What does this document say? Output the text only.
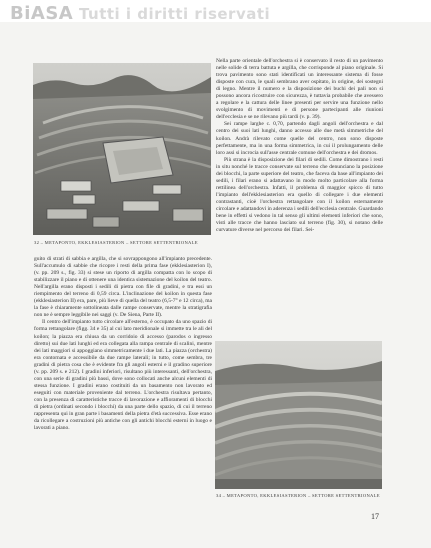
BiASA Tutti i diritti riservati
32 – METAPONTO, EKKLESIASTERION – SETTORE SETTENTRIONALE

guito di strati di sabbia e argilla, che si sovrappongono all'impianto precedente. Sull'accumulo di sabbie che ricopre i resti della prima fase (ekklesiasterion I), (v. pp. 209 s., fig. 33) si stese un riporto di argilla compatta con lo scopo di stabilizzare il piano e di ottenere una identica sistemazione del koilon del teatro. Nell'argilla erano disposti i sedili di pietra con file di gradini, e tra essi un riempimento del terreno di 0,59 circa. L'inclinazione del koilon in questa fase (ekklesiasterion II) era, pare, più lieve di quella del teatro (6,5-7° e 12 circa), ma la fase è chiaramente sottolineata dalle rampe conservate, mentre la stratigrafia non ne è sempre leggibile nei saggi (v. De Siena, Parte II).

Il centro dell'impianto tutto circolare all'esterno, è occupato da uno spazio di forma rettangolare (figg. 34 e 35) al cui lato meridionale si immette tra le ali del koilon; la piazza era chiusa da un corridoio di accesso (parodos o ingresso diretto) sui due lati lunghi ed era collegata alla rampa centrale di scalini, mentre dei lati maggiori si appoggiano simmetricamente i due lati. La piazza (orchestra) era contornata e accessibile da due rampe laterali; in tutto, come sembra, tre gradini di pietra cosa che è evidente fra gli angoli esterni e il gradino superiore (v. pp. 209 s. e 212). I gradini inferiori, risultano più interessanti, dell'orchestra, con una serie di gradini più bassi, dove sono collocati anche alcuni elementi di stessa funzione. I gradini erano costituiti da un basamento non lavorato ed eseguiti con materiale proveniente dal terreno. L'orchestra risultava pertanto, con la presenza di caratteristiche tracce di lavorazione e affioramenti di blocchi di pietra (ordinati secondo i blocchi) da una parte dello spazio, di cui il terreno rappresenta qui in gran parte i basamenti della pietra d'età successiva. Esse erano da ricollegare a costruzioni più antiche con gli antichi blocchi esterni in luogo e lavorati a piano.

Nella parte orientale dell'orchestra si è conservato il resto di un pavimento nelle solide di terra battuta e argilla, che corrisponde al piano originale. Si trova pavimento sono stati identificati un interessante sistema di fosse disposte con cura, le quali sembrano aver ospitato, in origine, dei sostegni di legno. Mentre il numero e la disposizione dei buchi dei pali non si possono ancora ricostruire con sicurezza, è tuttavia probabile che avessero a regolare e la cattura delle linee presenti per servire una funzione nello svolgimento di movimenti e di persone partecipanti alle riunioni dell'ecclesia e se ne rilevano più tardi (v. p. 39).

Sei rampe larghe c. 0,70, partendo dagli angoli dell'orchestra e dal centro dei suoi lati lunghi, danno accesso alle due metà simmetriche del koilon. Andrà rilevato come quelle del centro, non sono disposte perfettamente, ma in una forma simmetrica, in cui il prolungamento delle loro assi si incrocia sull'asse centrale comune dell'orchestra e dei dromos.

Più strana è la disposizione dei filari di sedili. Come dimostrano i resti in situ nonché le tracce conservate sul terreno che denunciano la posizione dei blocchi, la parte superiore del teatro, che faceva da base all'impianto dei sedili, i filari erano si adattavano in modo molto particolare alla forma rettilinea dell'orchestra. Infatti, il problema di maggior spicco di tutto l'impianto dell'ekklesiasterion era quello di collegare i due elementi contrastanti, cioè l'orchestra rettangolare con il koilon esternamente circolare e adattandovi in aderenza i sedili dell'ecclesia centrale. Guardando bene in effetti si vedono in tal senso gli ultimi elementi inferiori che sono, visti alle tracce che hanno lasciato sul terreno (fig. 30), si notano delle curvature diverse nel percorso dei filari. Sei-

34 – METAPONTO, EKKLESIASTERION – SETTORE SETTENTRIONALE
17
